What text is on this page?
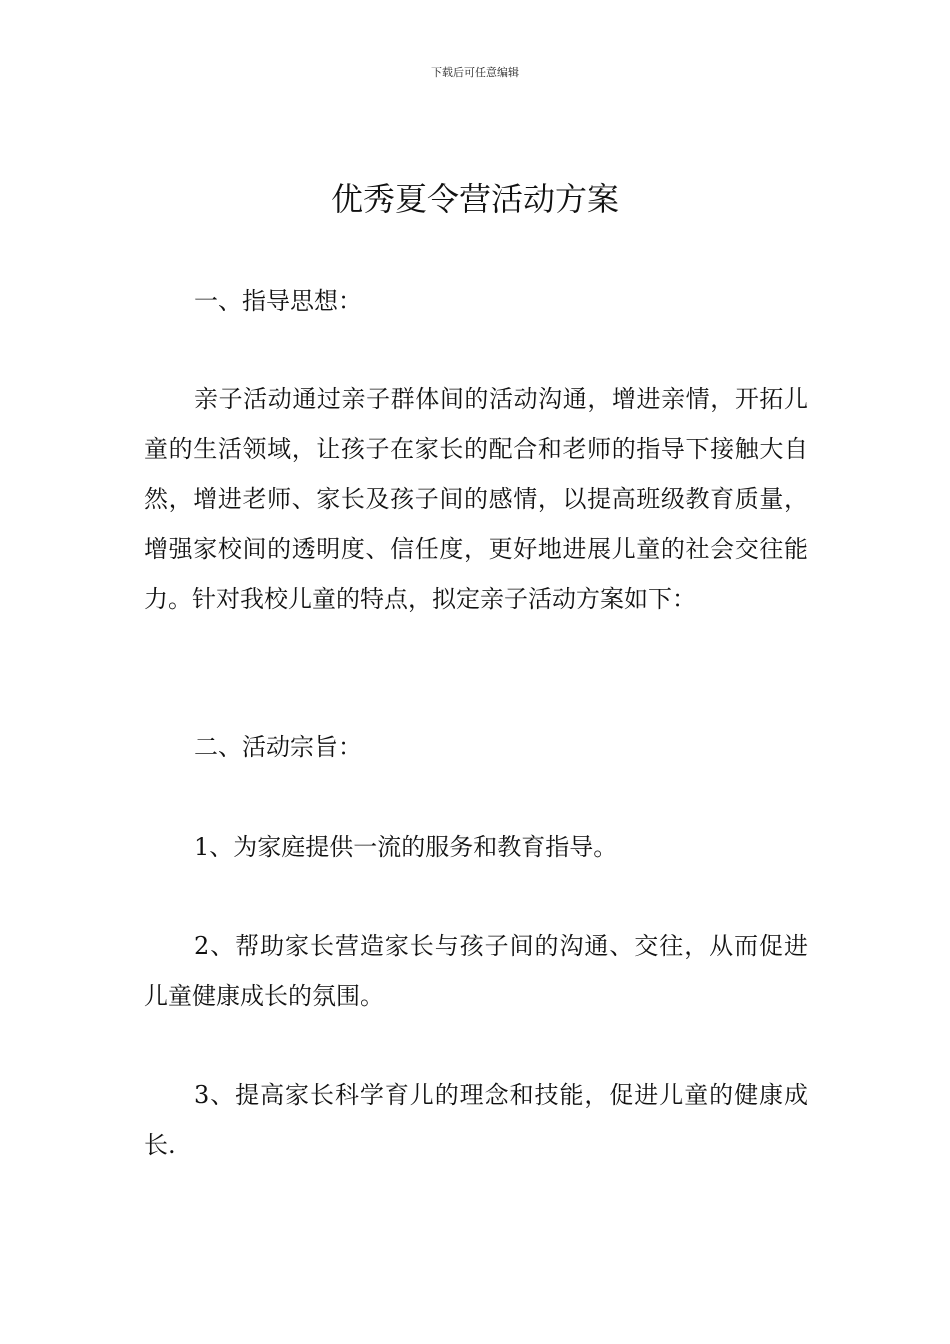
下载后可任意编辑
优秀夏令营活动方案

一、指导思想：

亲子活动通过亲子群体间的活动沟通，增进亲情，开拓儿童的生活领域，让孩子在家长的配合和老师的指导下接触大自然，增进老师、家长及孩子间的感情，以提高班级教育质量，增强家校间的透明度、信任度，更好地进展儿童的社会交往能力。针对我校儿童的特点，拟定亲子活动方案如下：

二、活动宗旨：

1、为家庭提供一流的服务和教育指导。

2、帮助家长营造家长与孩子间的沟通、交往，从而促进儿童健康成长的氛围。

3、提高家长科学育儿的理念和技能，促进儿童的健康成长.
